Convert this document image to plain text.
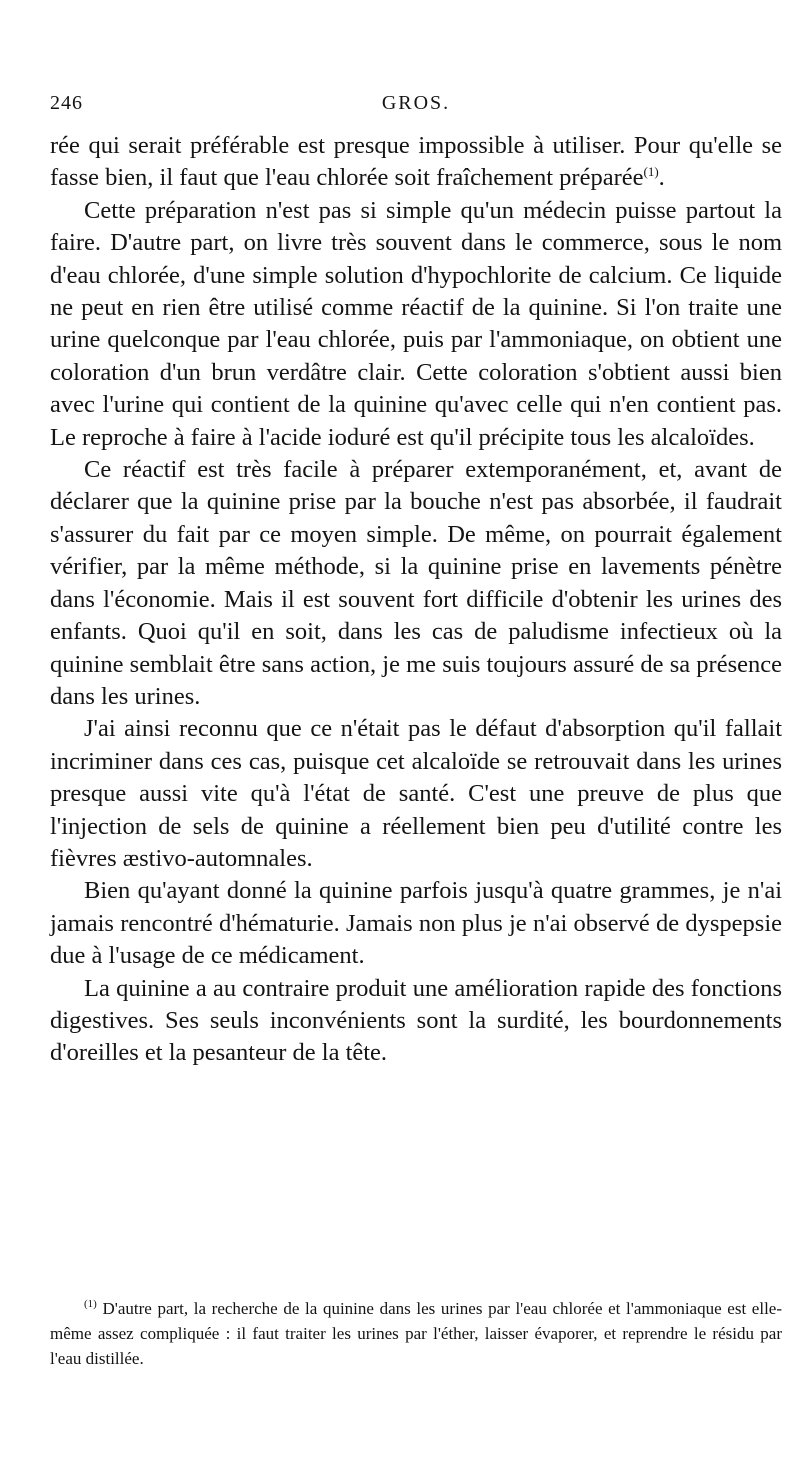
246	GROS.

rée qui serait préférable est presque impossible à utiliser. Pour qu'elle se fasse bien, il faut que l'eau chlorée soit fraîchement préparée$^{(1)}$.

Cette préparation n'est pas si simple qu'un médecin puisse partout la faire. D'autre part, on livre très souvent dans le commerce, sous le nom d'eau chlorée, d'une simple solution d'hypochlorite de calcium. Ce liquide ne peut en rien être utilisé comme réactif de la quinine. Si l'on traite une urine quelconque par l'eau chlorée, puis par l'ammoniaque, on obtient une coloration d'un brun verdâtre clair. Cette coloration s'obtient aussi bien avec l'urine qui contient de la quinine qu'avec celle qui n'en contient pas. Le reproche à faire à l'acide ioduré est qu'il précipite tous les alcaloïdes.

Ce réactif est très facile à préparer extemporanément, et, avant de déclarer que la quinine prise par la bouche n'est pas absorbée, il faudrait s'assurer du fait par ce moyen simple. De même, on pourrait également vérifier, par la même méthode, si la quinine prise en lavements pénètre dans l'économie. Mais il est souvent fort difficile d'obtenir les urines des enfants. Quoi qu'il en soit, dans les cas de paludisme infectieux où la quinine semblait être sans action, je me suis toujours assuré de sa présence dans les urines.

J'ai ainsi reconnu que ce n'était pas le défaut d'absorption qu'il fallait incriminer dans ces cas, puisque cet alcaloïde se retrouvait dans les urines presque aussi vite qu'à l'état de santé. C'est une preuve de plus que l'injection de sels de quinine a réellement bien peu d'utilité contre les fièvres æstivo-automnales.

Bien qu'ayant donné la quinine parfois jusqu'à quatre grammes, je n'ai jamais rencontré d'hématurie. Jamais non plus je n'ai observé de dyspepsie due à l'usage de ce médicament.

La quinine a au contraire produit une amélioration rapide des fonctions digestives. Ses seuls inconvénients sont la surdité, les bourdonnements d'oreilles et la pesanteur de la tête.

$^{(1)}$ D'autre part, la recherche de la quinine dans les urines par l'eau chlorée et l'ammoniaque est elle-même assez compliquée : il faut traiter les urines par l'éther, laisser évaporer, et reprendre le résidu par l'eau distillée.
